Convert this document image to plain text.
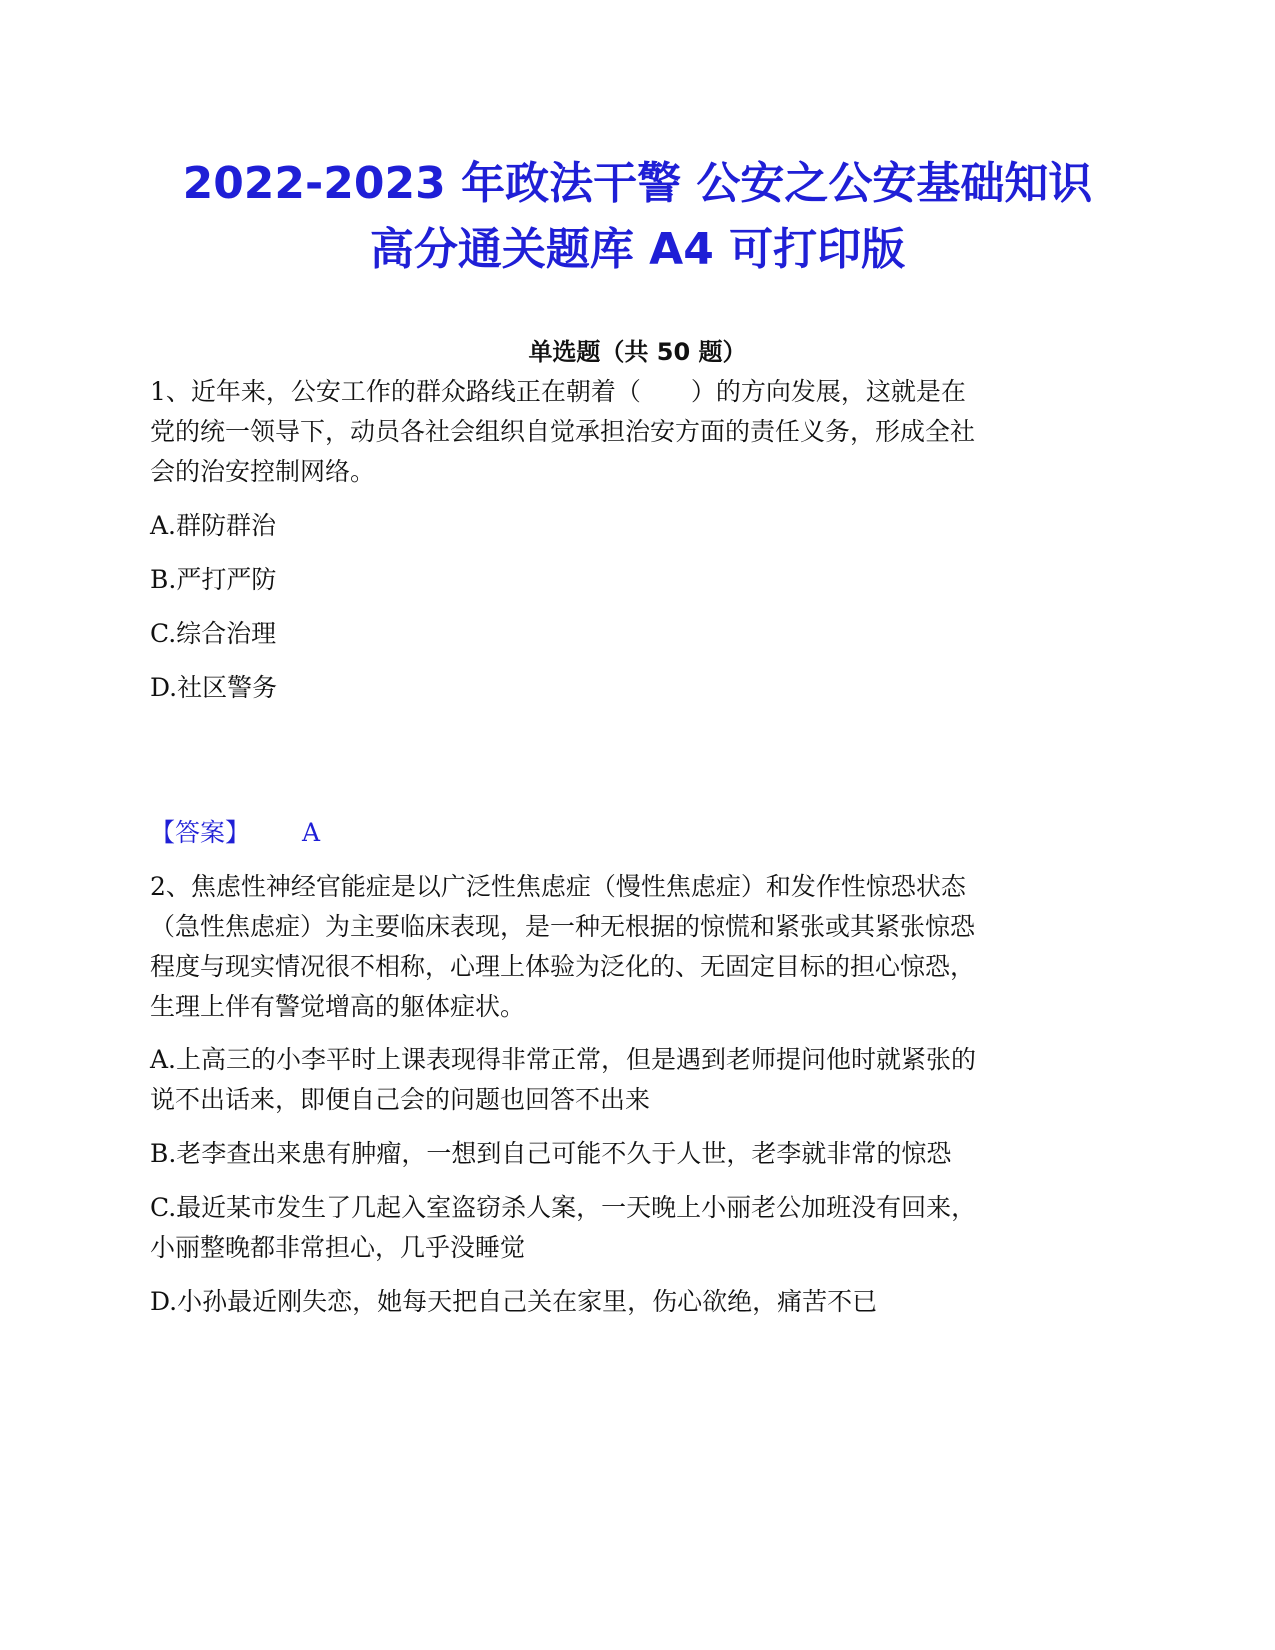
2022-2023 年政法干警 公安之公安基础知识
高分通关题库 A4 可打印版
单选题（共 50 题）
1、近年来，公安工作的群众路线正在朝着（　　）的方向发展，这就是在
党的统一领导下，动员各社会组织自觉承担治安方面的责任义务，形成全社
会的治安控制网络。
A.群防群治
B.严打严防
C.综合治理
D.社区警务
【答案】 A
2、焦虑性神经官能症是以广泛性焦虑症（慢性焦虑症）和发作性惊恐状态
（急性焦虑症）为主要临床表现，是一种无根据的惊慌和紧张或其紧张惊恐
程度与现实情况很不相称，心理上体验为泛化的、无固定目标的担心惊恐，
生理上伴有警觉增高的躯体症状。
A.上高三的小李平时上课表现得非常正常，但是遇到老师提问他时就紧张的
说不出话来，即便自己会的问题也回答不出来
B.老李查出来患有肿瘤，一想到自己可能不久于人世，老李就非常的惊恐
C.最近某市发生了几起入室盗窃杀人案，一天晚上小丽老公加班没有回来，
小丽整晚都非常担心，几乎没睡觉
D.小孙最近刚失恋，她每天把自己关在家里，伤心欲绝，痛苦不已
